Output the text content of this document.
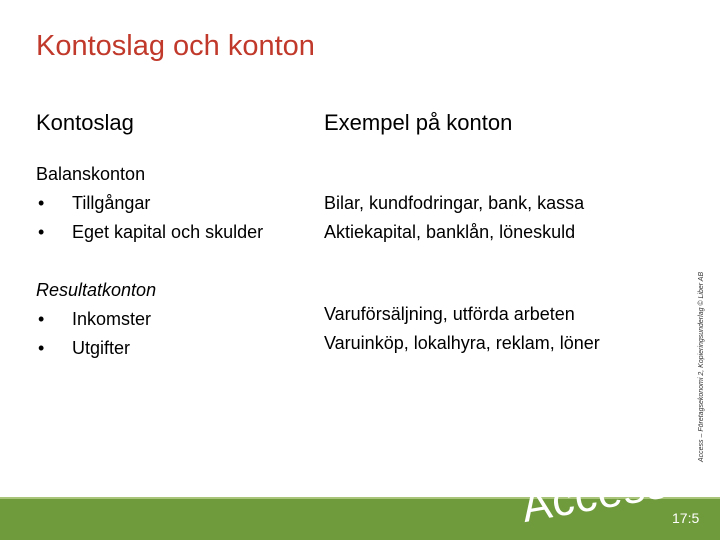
Kontoslag och konton
Kontoslag	Exempel på konton
Balanskonton
• Tillgångar
• Eget kapital och skulder
Bilar, kundfodringar, bank, kassa
Aktiekapital, banklån, löneskuld
Resultatkonton
• Inkomster
• Utgifter
Varuförsäljning, utförda arbeten
Varuinköp, lokalhyra, reklam, löner	Access – Företagsekonomi 2, Kopieringsunderlag © Liber AB
Access 17:5
